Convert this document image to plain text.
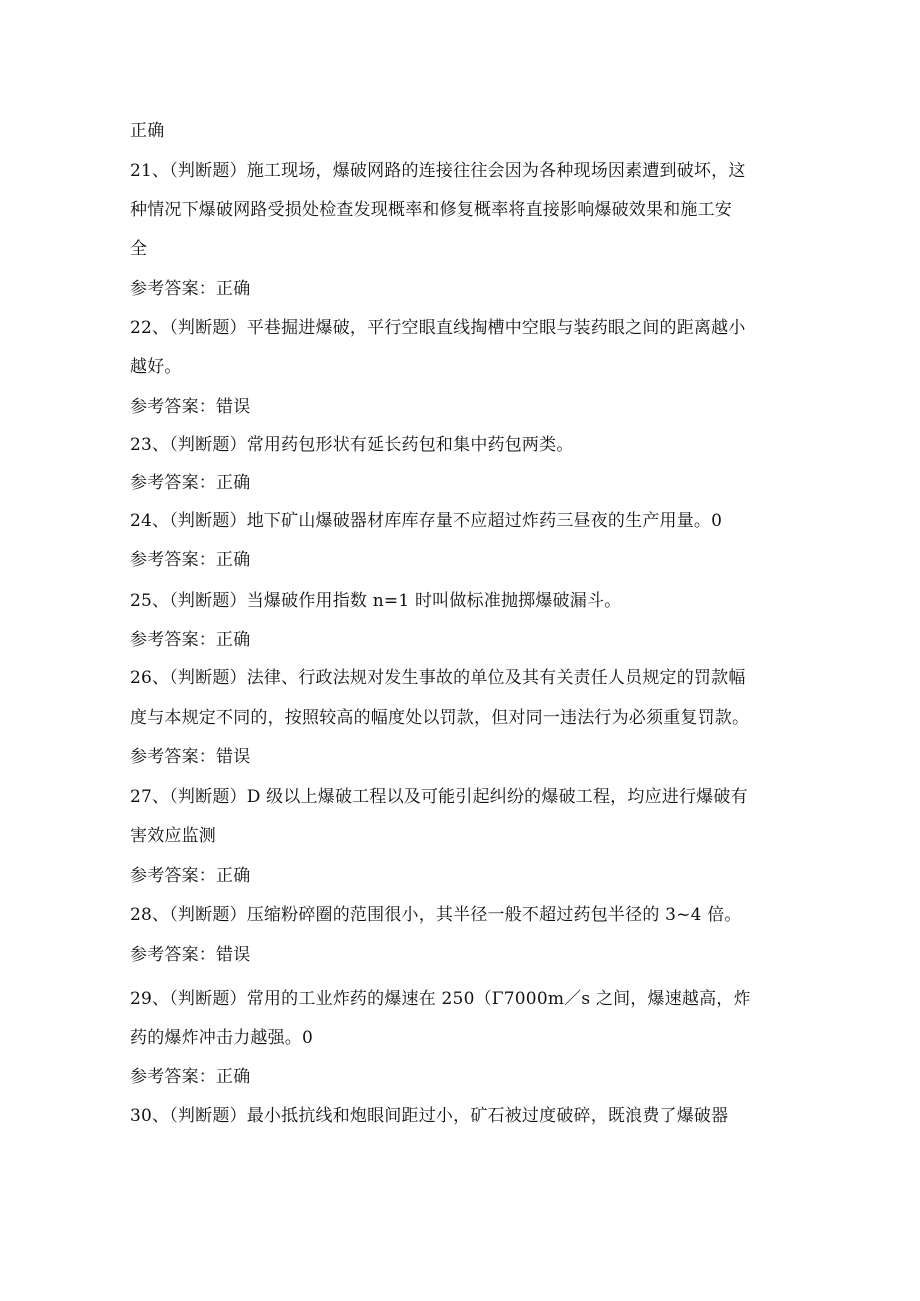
正确
21、（判断题）施工现场，爆破网路的连接往往会因为各种现场因素遭到破坏，这
种情况下爆破网路受损处检查发现概率和修复概率将直接影响爆破效果和施工安
全
参考答案：正确
22、（判断题）平巷掘进爆破，平行空眼直线掏槽中空眼与装药眼之间的距离越小
越好。
参考答案：错误
23、（判断题）常用药包形状有延长药包和集中药包两类。
参考答案：正确
24、（判断题）地下矿山爆破器材库库存量不应超过炸药三昼夜的生产用量。0
参考答案：正确
25、（判断题）当爆破作用指数 n=1 时叫做标准抛掷爆破漏斗。
参考答案：正确
26、（判断题）法律、行政法规对发生事故的单位及其有关责任人员规定的罚款幅
度与本规定不同的，按照较高的幅度处以罚款，但对同一违法行为必须重复罚款。
参考答案：错误
27、（判断题）D 级以上爆破工程以及可能引起纠纷的爆破工程，均应进行爆破有
害效应监测
参考答案：正确
28、（判断题）压缩粉碎圈的范围很小，其半径一般不超过药包半径的 3~4 倍。
参考答案：错误
29、（判断题）常用的工业炸药的爆速在 250（Γ7000m／s 之间，爆速越高，炸
药的爆炸冲击力越强。0
参考答案：正确
30、（判断题）最小抵抗线和炮眼间距过小，矿石被过度破碎，既浪费了爆破器
